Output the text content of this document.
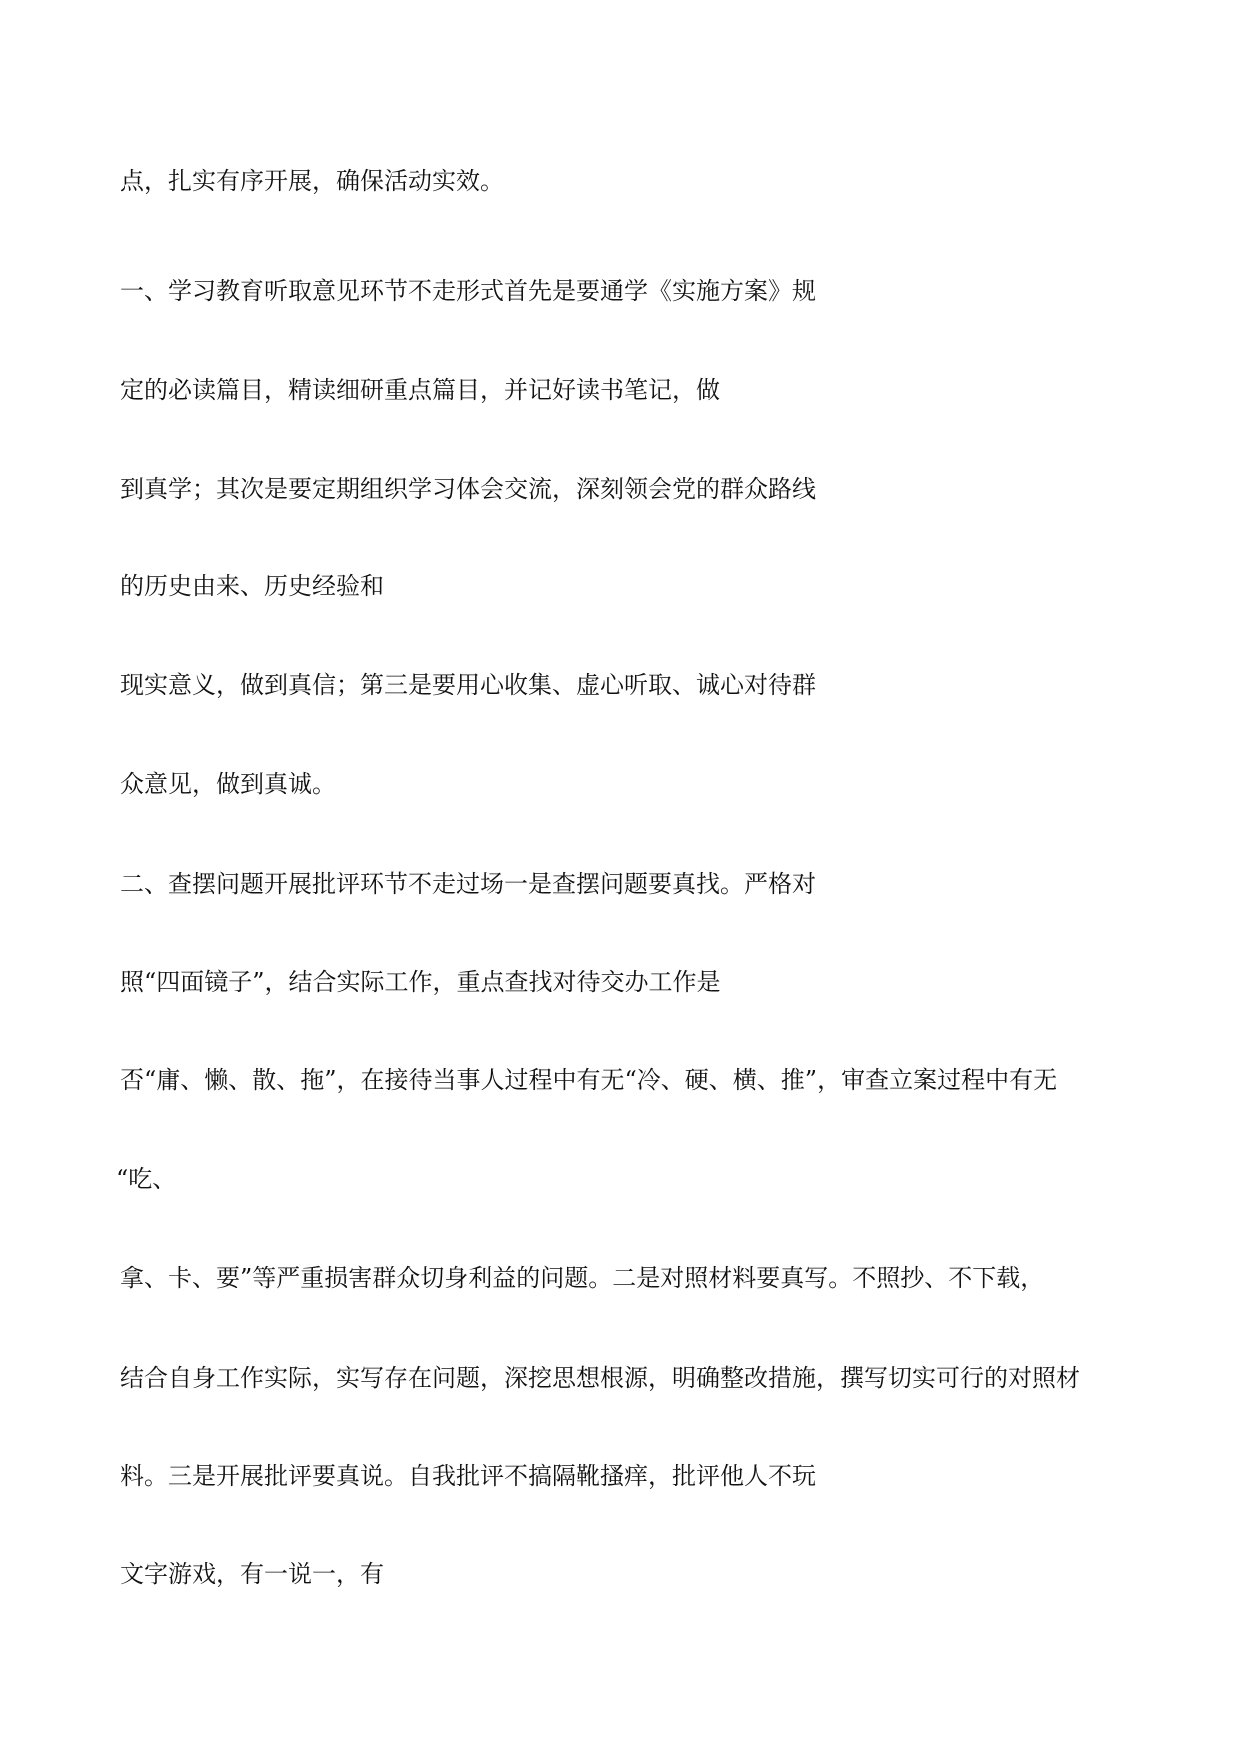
点，扎实有序开展，确保活动实效。

一、学习教育听取意见环节不走形式首先是要通学《实施方案》规

定的必读篇目，精读细研重点篇目，并记好读书笔记，做

到真学；其次是要定期组织学习体会交流，深刻领会党的群众路线

的历史由来、历史经验和

现实意义，做到真信；第三是要用心收集、虚心听取、诚心对待群

众意见，做到真诚。

二、查摆问题开展批评环节不走过场一是查摆问题要真找。严格对

照“四面镜子”，结合实际工作，重点查找对待交办工作是

否“庸、懒、散、拖”，在接待当事人过程中有无“冷、硬、横、推”，审查立案过程中有无

“吃、

拿、卡、要”等严重损害群众切身利益的问题。二是对照材料要真写。不照抄、不下载，

结合自身工作实际，实写存在问题，深挖思想根源，明确整改措施，撰写切实可行的对照材

料。三是开展批评要真说。自我批评不搞隔靴搔痒，批评他人不玩

文字游戏，有一说一，有
